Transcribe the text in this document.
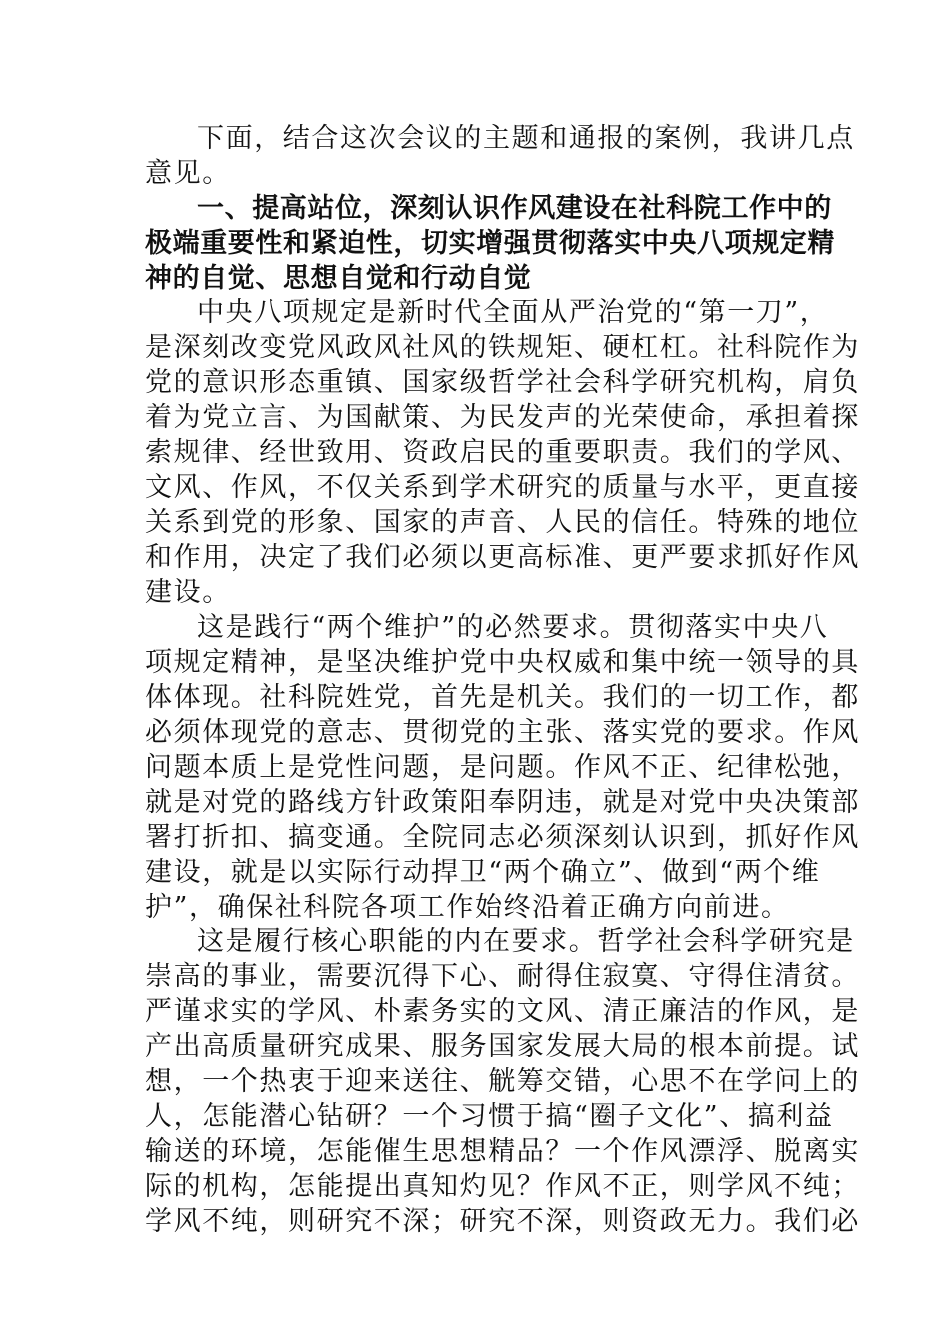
下面，结合这次会议的主题和通报的案例，我讲几点
意见。
一、提高站位，深刻认识作风建设在社科院工作中的
极端重要性和紧迫性，切实增强贯彻落实中央八项规定精
神的自觉、思想自觉和行动自觉
中央八项规定是新时代全面从严治党的“第一刀”，
是深刻改变党风政风社风的铁规矩、硬杠杠。社科院作为
党的意识形态重镇、国家级哲学社会科学研究机构，肩负
着为党立言、为国献策、为民发声的光荣使命，承担着探
索规律、经世致用、资政启民的重要职责。我们的学风、
文风、作风，不仅关系到学术研究的质量与水平，更直接
关系到党的形象、国家的声音、人民的信任。特殊的地位
和作用，决定了我们必须以更高标准、更严要求抓好作风
建设。
这是践行“两个维护”的必然要求。贯彻落实中央八
项规定精神，是坚决维护党中央权威和集中统一领导的具
体体现。社科院姓党，首先是机关。我们的一切工作，都
必须体现党的意志、贯彻党的主张、落实党的要求。作风
问题本质上是党性问题，是问题。作风不正、纪律松弛，
就是对党的路线方针政策阳奉阴违，就是对党中央决策部
署打折扣、搞变通。全院同志必须深刻认识到，抓好作风
建设，就是以实际行动捍卫“两个确立”、做到“两个维
护”，确保社科院各项工作始终沿着正确方向前进。
这是履行核心职能的内在要求。哲学社会科学研究是
崇高的事业，需要沉得下心、耐得住寂寞、守得住清贫。
严谨求实的学风、朴素务实的文风、清正廉洁的作风，是
产出高质量研究成果、服务国家发展大局的根本前提。试
想，一个热衷于迎来送往、觥筹交错，心思不在学问上的
人，怎能潜心钻研？一个习惯于搞“圈子文化”、搞利益
输送的环境，怎能催生思想精品？一个作风漂浮、脱离实
际的机构，怎能提出真知灼见？作风不正，则学风不纯；
学风不纯，则研究不深；研究不深，则资政无力。我们必
